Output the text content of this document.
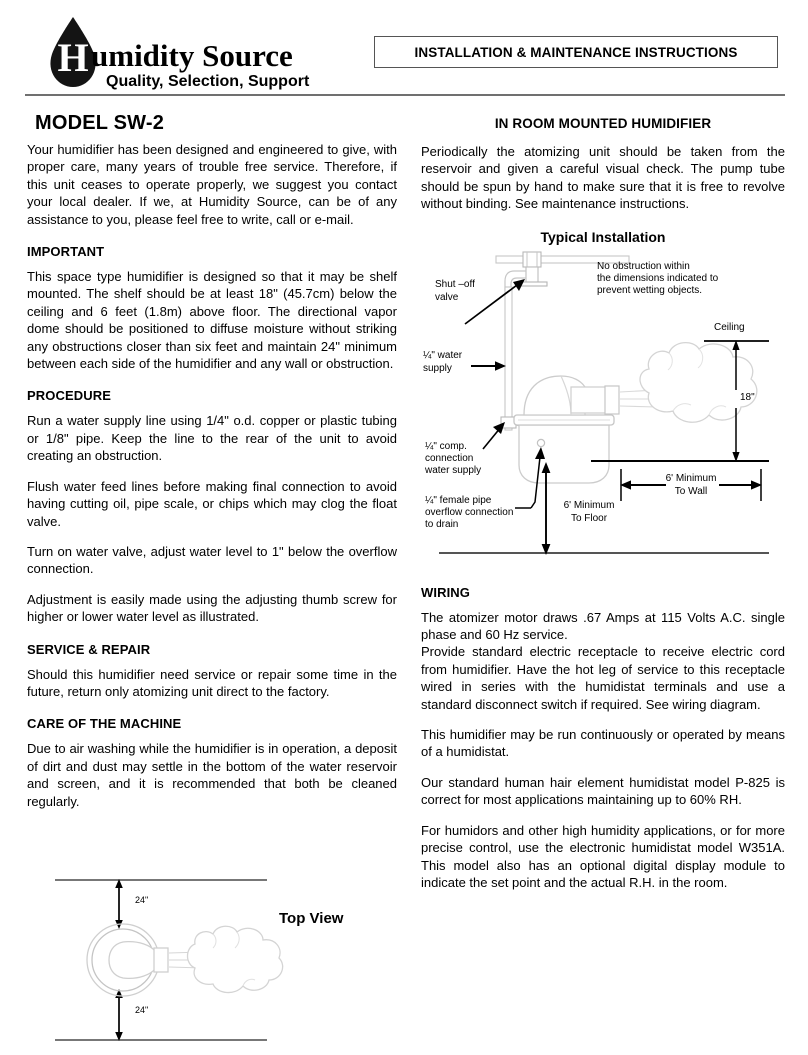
H umidity Source
Quality, Selection, Support
INSTALLATION & MAINTENANCE INSTRUCTIONS
MODEL SW-2

Your humidifier has been designed and engineered to give, with proper care, many years of trouble free service. Therefore, if this unit ceases to operate properly, we suggest you contact your local dealer. If we, at Humidity Source, can be of any assistance to you, please feel free to write, call or e-mail.

IMPORTANT

This space type humidifier is designed so that it may be shelf mounted. The shelf should be at least 18" (45.7cm) below the ceiling and 6 feet (1.8m) above floor. The directional vapor dome should be positioned to diffuse moisture without striking any obstructions closer than six feet and maintain 24" minimum between each side of the humidifier and any wall or obstruction.

PROCEDURE

Run a water supply line using 1/4" o.d. copper or plastic tubing or 1/8" pipe. Keep the line to the rear of the unit to avoid creating an obstruction.

Flush water feed lines before making final connection to avoid having cutting oil, pipe scale, or chips which may clog the float valve.

Turn on water valve, adjust water level to 1" below the overflow connection.

Adjustment is easily made using the adjusting thumb screw for higher or lower water level as illustrated.

SERVICE & REPAIR

Should this humidifier need service or repair some time in the future, return only atomizing unit direct to the factory.

CARE OF THE MACHINE

Due to air washing while the humidifier is in operation, a deposit of dirt and dust may settle in the bottom of the water reservoir and screen, and it is recommended that both be cleaned regularly.

24"
24"
Top View
IN ROOM MOUNTED HUMIDIFIER

Periodically the atomizing unit should be taken from the reservoir and given a careful visual check. The pump tube should be spun by hand to make sure that it is free to revolve without binding. See maintenance instructions.

Typical Installation
Shut –off
valve
¼" water
supply
No obstruction within
the dimensions indicated to
prevent wetting objects.
Ceiling
18"
¼" comp.
connection
water supply
¼" female pipe
overflow connection
to drain
6' Minimum
To Floor
6' Minimum
To Wall
WIRING

The atomizer motor draws .67 Amps at 115 Volts A.C. single phase and 60 Hz service.

Provide standard electric receptacle to receive electric cord from humidifier. Have the hot leg of service to this receptacle wired in series with the humidistat terminals and use a standard disconnect switch if required. See wiring diagram.

This humidifier may be run continuously or operated by means of a humidistat.

Our standard human hair element humidistat model P-825 is correct for most applications maintaining up to 60% RH.

For humidors and other high humidity applications, or for more precise control, use the electronic humidistat model W351A. This model also has an optional digital display module to indicate the set point and the actual R.H. in the room.
